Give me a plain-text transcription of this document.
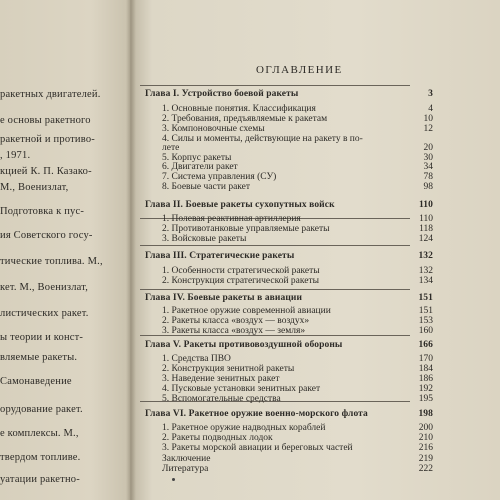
ракетных двигателей.
е основы ракетного
ракетной и противо-
, 1971.
кцией К. П. Казако-
М., Военизлат,
Подготовка к пус-
ия Советского госу-
тические топлива. М.,
кет. М., Военизлат,
листических ракет.
ы теории и конст-
вляемые ракеты.
Самонаведение
орудование ракет.
е комплексы. М.,
твердом топливе.
уатации ракетно-
ОГЛАВЛЕНИЕ
Глава I. Устройство боевой ракеты	3
1. Основные понятия. Классификация	4
2. Требования, предъявляемые к ракетам	10
3. Компоновочные схемы	12
4. Силы и моменты, действующие на ракету в по-
лете	20
5. Корпус ракеты	30
6. Двигатели ракет	34
7. Система управления (СУ)	78
8. Боевые части ракет	98
Глава II. Боевые ракеты сухопутных войск	110
1. Полевая реактивная артиллерия	110
2. Противотанковые управляемые ракеты	118
3. Войсковые ракеты	124
Глава III. Стратегические ракеты	132
1. Особенности стратегической ракеты	132
2. Конструкция стратегической ракеты	134
Глава IV. Боевые ракеты в авиации	151
1. Ракетное оружие современной авиации	151
2. Ракеты класса «воздух — воздух»	153
3. Ракеты класса «воздух — земля»	160
Глава V. Ракеты противовоздушной обороны	166
1. Средства ПВО	170
2. Конструкция зенитной ракеты	184
3. Наведение зенитных ракет	186
4. Пусковые установки зенитных ракет	192
5. Вспомогательные средства	195
Глава VI. Ракетное оружие военно-морского флота	198
1. Ракетное оружие надводных кораблей	200
2. Ракеты подводных лодок	210
3. Ракеты морской авиации и береговых частей	216
Заключение	219
Литература	222
